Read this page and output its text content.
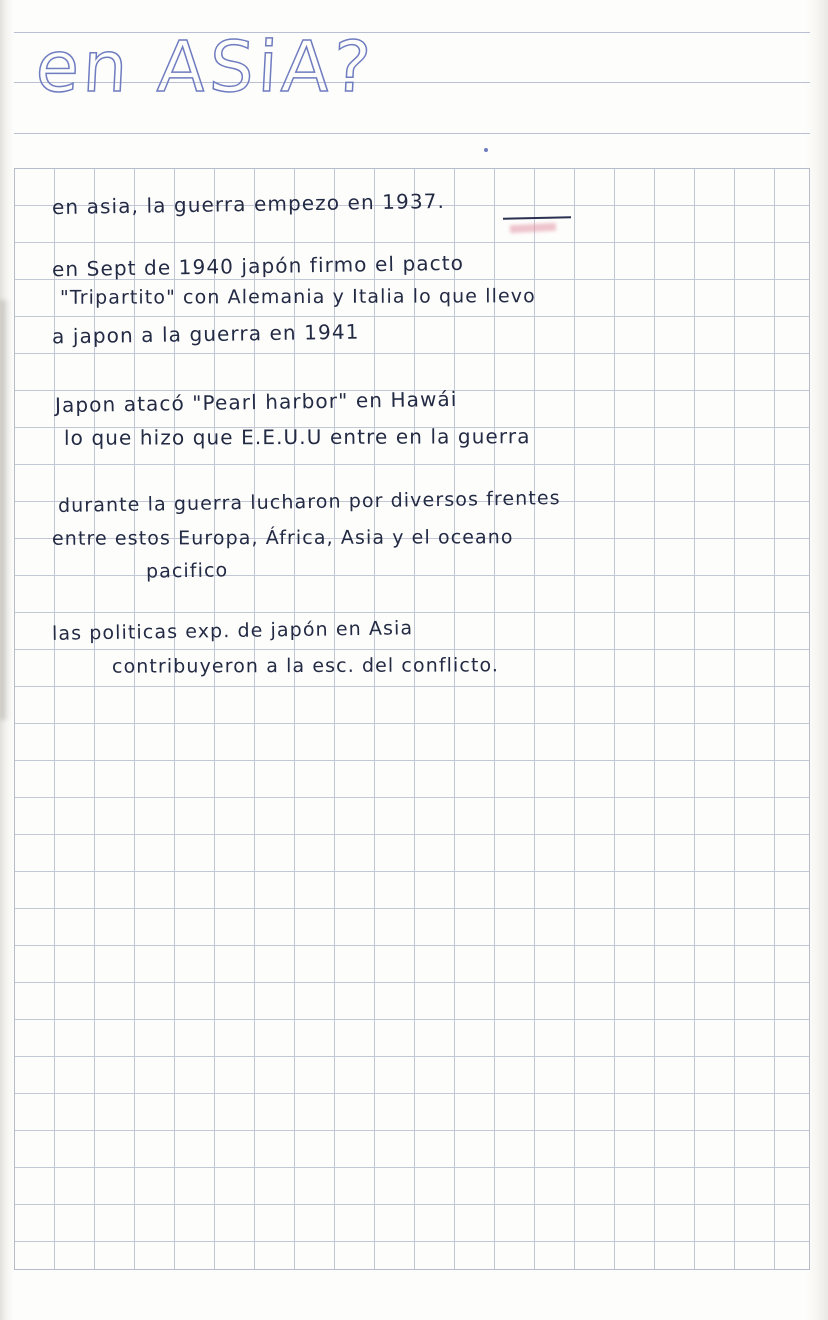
en ASiA?
en asia, la guerra empezo en 1937.
en Sept de 1940 japón firmo el pacto
"Tripartito" con Alemania y Italia lo que llevo
a japon a la guerra en 1941
Japon atacó "Pearl harbor" en Hawái
lo que hizo que E.E.U.U entre en la guerra
durante la guerra lucharon por diversos frentes
entre estos Europa, África, Asia y el oceano
pacifico
las politicas exp. de japón en Asia
contribuyeron a la esc. del conflicto.
